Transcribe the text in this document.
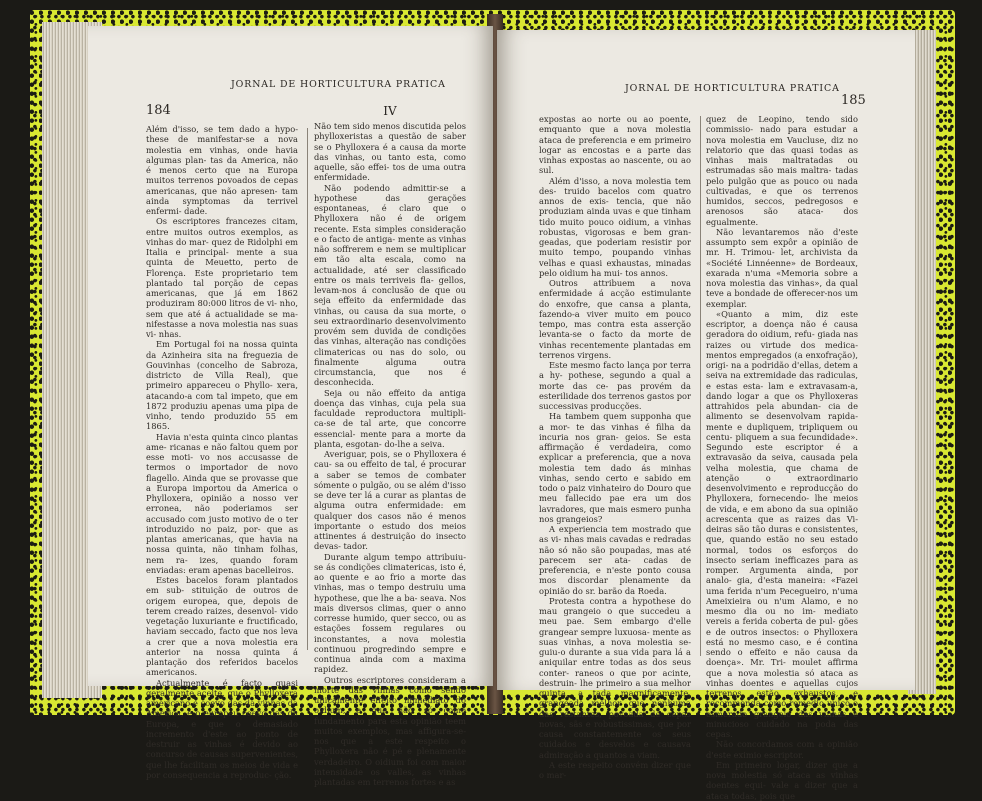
184
JORNAL DE HORTICULTURA PRATICA

Além d'isso, se tem dado a hypo- these de manifestar-se a nova molestia em vinhas, onde havia algumas plan- tas da America, não é menos certo que na Europa muitos terrenos povoados de cepas americanas, que não apresen- tam ainda symptomas da terrivel enfermi- dade.

Os escriptores francezes citam, entre muitos outros exemplos, as vinhas do mar- quez de Ridolphi em Italia e principal- mente a sua quinta de Meuetto, perto de Florença. Este proprietario tem plantado tal porção de cepas americanas, que já em 1862 produziram 80:000 litros de vi- nho, sem que até á actualidade se ma- nifestasse a nova molestia nas suas vi- nhas.

Em Portugal foi na nossa quinta da Azinheira sita na freguezia de Gouvinhas (concelho de Sabroza, districto de Villa Real), que primeiro appareceu o Phyllo- xera, atacando-a com tal impeto, que em 1872 produziu apenas uma pipa de vinho, tendo produzido 55 em 1865.

Havia n'esta quinta cinco plantas ame- ricanas e não faltou quem por esse moti- vo nos accusasse de termos o importador de novo flagello. Ainda que se provasse que a Europa importou da America o Phylloxera, opinião a nosso ver erronea, não poderiamos ser accusado com justo motivo de o ter introduzido no paiz, por- que as plantas americanas, que havia na nossa quinta, não tinham folhas, nem ra- izes, quando foram enviadas: eram apenas bacelleiros.

Estes bacelos foram plantados em sub- stituição de outros de origem europea, que, depois de terem creado raizes, desenvol- vido vegetação luxuriante e fructificado, haviam seccado, facto que nos leva a crer que a nova molestia era anterior na nossa quinta á plantação dos referidos bacelos americanos.

Actualmente é facto quasi geralmente aceite, que o Phylloxera americano é coevo das da vinhas da America, e o europeu coevo das da Europa, e que o demasiado incremento d'este ao ponto de destruir as vinhas é devido ao concurso de causas supervenientes, que lhe facilitam os meios de vida e por consequencia a reproduc- ção.

IV

Não tem sido menos discutida pelos phylloxeristas a questão de saber se o Phylloxera é a causa da morte das vinhas, ou tanto esta, como aquelle, são effei- tos de uma outra enfermidade.

Não podendo admittir-se a hypothese das gerações espontaneas, é claro que o Phylloxera não é de origem recente. Esta simples consideração e o facto de antiga- mente as vinhas não soffrerem e nem se multiplicar em tão alta escala, como na actualidade, até ser classificado entre os mais terriveis fla- gellos, levam-nos á conclusão de que ou seja effeito da enfermidade das vinhas, ou causa da sua morte, o seu extraordinario desenvolvimento provém sem duvida de condições das vinhas, alteração nas condições climatericas ou nas do solo, ou finalmente alguma outra circumstancia, que nos é desconhecida.

Seja ou não effeito da antiga doença das vinhas, cuja pela sua faculdade reproductora multipli- ca-se de tal arte, que concorre essencial- mente para a morte da planta, esgotan- do-lhe a seiva.

Averiguar, pois, se o Phylloxera é cau- sa ou effeito de tal, é procurar a saber se temos de combater sómente o pulgão, ou se além d'isso se deve ter lá a curar as plantas de alguma outra enfermidade: em qualquer dos casos não é menos importante o estudo dos meios attinentes á destruição do insecto devas- tador.

Durante algum tempo attribuiu-se ás condições climatericas, isto é, ao quente e ao frio a morte das vinhas, mas o tempo destruiu uma hypothese, que lhe a ba- seava. Nos mais diversos climas, quer o anno corresse humido, quer secco, ou as estações fossem regulares ou inconstantes, a nova molestia continuou progredindo sempre e continua ainda com a maxima rapidez.

Outros escriptores consideram a morte das vinhas como sendo unicamente effeito immediato do oidium, e que não só como fundamento para esta opinião teem muitos exemplos, mas affigura-se-nos que a este respeito o Phylloxera não é pé e plenamente verdadeiro. O oidium foi com maior intensidade os valles, as vinhas plantadas em terrenos fortes e as

JORNAL DE HORTICULTURA PRATICA
185

expostas ao norte ou ao poente, emquanto que a nova molestia ataca de preferencia e em primeiro logar as encostas e a parte das vinhas expostas ao nascente, ou ao sul.

Além d'isso, a nova molestia tem des- truido bacelos com quatro annos de exis- tencia, que não produziam ainda uvas e que tinham tido muito pouco oidium, a vinhas robustas, vigorosas e bem gran- geadas, que poderiam resistir por muito tempo, poupando vinhas velhas e quasi exhaustas, minadas pelo oidium ha mui- tos annos.

Outros attribuem a nova enfermidade á acção estimulante do enxofre, que cansa a planta, fazendo-a viver muito em pouco tempo, mas contra esta asserção levanta-se o facto da morte de vinhas recentemente plantadas em terrenos virgens.

Este mesmo facto lança por terra a hy- pothese, segundo a qual a morte das ce- pas provém da esterilidade dos terrenos gastos por successivas producções.

Ha tambem quem supponha que a mor- te das vinhas é filha da incuria nos gran- geios. Se esta affirmação é verdadeira, como explicar a preferencia, que a nova molestia tem dado ás minhas vinhas, sendo certo e sabido em todo o paiz vinhateiro do Douro que meu fallecido pae era um dos lavradores, que mais esmero punha nos grangeios?

A experiencia tem mostrado que as vi- nhas mais cavadas e redradas não só não são poupadas, mas até parecem ser ata- cadas de preferencia, e n'este ponto cousa mos discordar plenamente da opinião do sr. barão da Roeda.

Protesta contra a hypothese do mau grangeio o que succedeu a meu pae. Sem embargo d'elle grangear sempre luxuosa- mente as suas vinhas, a nova molestia se- guiu-o durante a sua vida para lá a aniquilar entre todas as dos seus conter- raneos o que por acinte, destruin- lhe primeiro a sua melhor quinta, a tada magnificamente, grangeada melhor que nenhuma das restantes, povoada de cepas novas, sãs e robustissimas, que por causa constantemente os seus cuidados e desvelos e causava admiração a quantos a viam.

A este respeito convém dizer que o mar-

quez de Leopino, tendo sido commissio- nado para estudar a nova molestia em Vaucluse, diz no relatorio que das quasi todas as vinhas mais maltratadas ou estrumadas são mais maltra- tadas pelo pulgão que as pouco ou nada cultivadas, e que os terrenos humidos, seccos, pedregosos e arenosos são ataca- dos egualmente.

Não levantaremos não d'este assumpto sem expôr a opinião de mr. H. Trimou- let, archivista da «Société Linnéenne» de Bordeaux, exarada n'uma «Memoria sobre a nova molestia das vinhas», da qual teve a bondade de offerecer-nos um exemplar.

«Quanto a mim, diz este escriptor, a doença não é causa geradora do oidium, refu- giada nas raizes ou virtude dos medica- mentos empregados (a enxofração), origi- na a podridão d'ellas, detem a seiva na extremidade das radiculas, e estas esta- lam e extravasam-a, dando logar a que os Phylloxeras attrahidos pela abundan- cia de alimento se desenvolvam rapida- mente e dupliquem, tripliquem ou centu- pliquem a sua fecundidade». Segundo este escriptor é a extravasão da seiva, causada pela velha molestia, que chama de atenção o extraordinario desenvolvimento e reproducção do Phylloxera, fornecendo- lhe meios de vida, e em abono da sua opinião acrescenta que as raizes das Vi- deiras são tão duras e consistentes, que, quando estão no seu estado normal, todos os esforços do insecto seriam inefficazes para as romper. Argumenta ainda, por analo- gia, d'esta maneira: «Fazei uma ferida n'um Pecegueiro, n'uma Ameixieira ou n'um Alamo, e no mesmo dia ou no im- mediato vereis a ferida coberta de pul- gões e de outros insectos: o Phylloxera está no mesmo caso, e é contina sendo o effeito e não causa da doença». Mr. Tri- moulet affirma que a nova molestia só ataca as vinhas doentes e aquellas cujos terrenos estão exhaustos, e recommenda como remedio unico o esmerado grangeio das vinhas e minucioso cuidado na poda das cepas.

Não concordamos com a opinião d'este eximio escriptor.

Em primeiro logar, dizer que a nova molestia só ataca as vinhas doentes equi- vale a dizer que a ataca todas, pois que
